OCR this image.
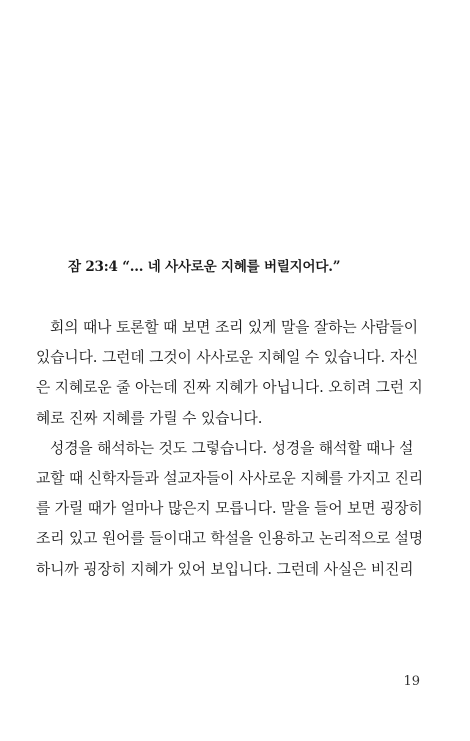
잠 23:4 “... 네 사사로운 지혜를 버릴지어다.”
회의 때나 토론할 때 보면 조리 있게 말을 잘하는 사람들이
있습니다. 그런데 그것이 사사로운 지혜일 수 있습니다. 자신
은 지혜로운 줄 아는데 진짜 지혜가 아닙니다. 오히려 그런 지
혜로 진짜 지혜를 가릴 수 있습니다.
성경을 해석하는 것도 그렇습니다. 성경을 해석할 때나 설
교할 때 신학자들과 설교자들이 사사로운 지혜를 가지고 진리
를 가릴 때가 얼마나 많은지 모릅니다. 말을 들어 보면 굉장히
조리 있고 원어를 들이대고 학설을 인용하고 논리적으로 설명
하니까 굉장히 지혜가 있어 보입니다. 그런데 사실은 비진리
19
